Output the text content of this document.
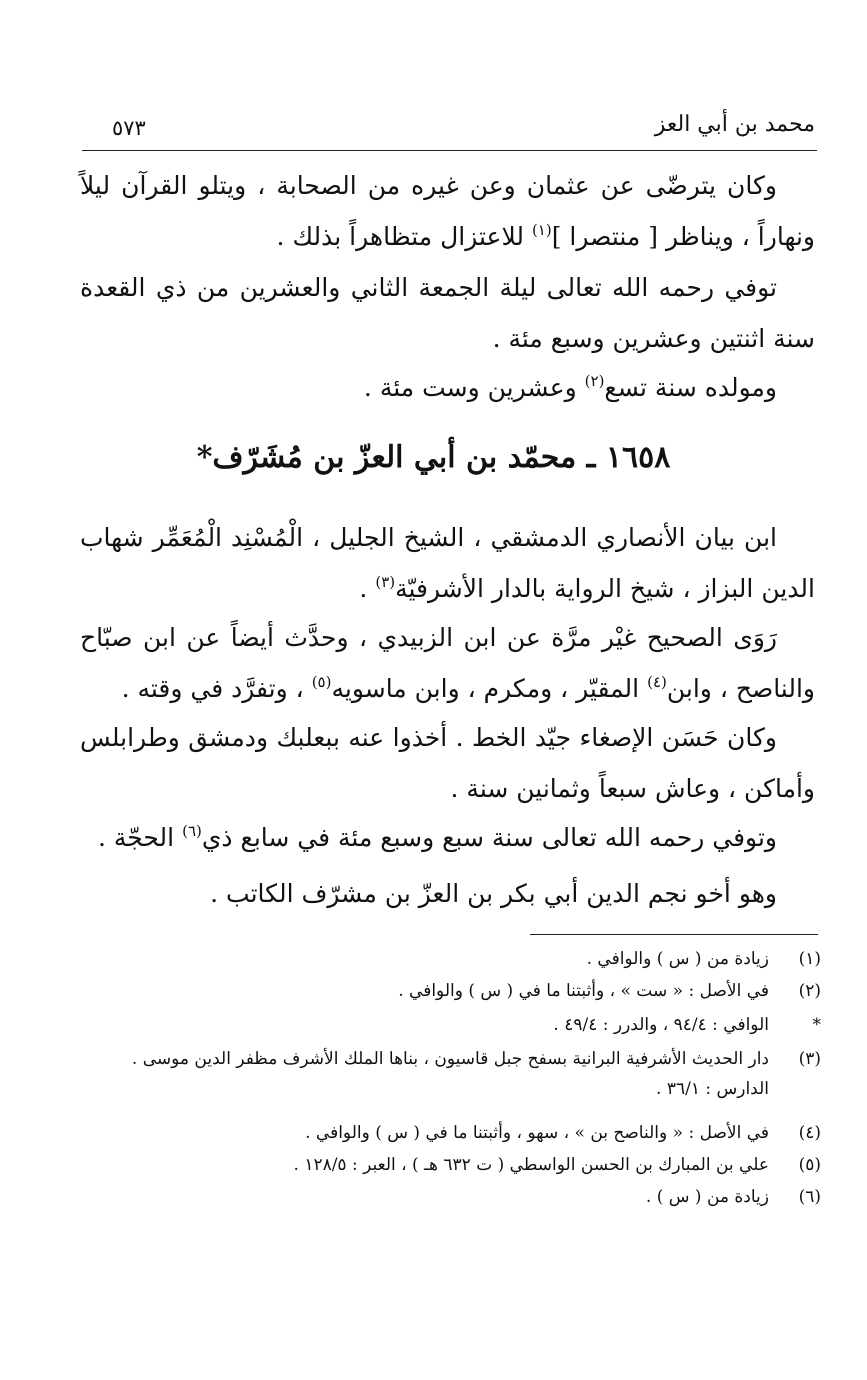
محمد بن أبي العز
٥٧٣

وكان يترضّى عن عثمان وعن غيره من الصحابة ، ويتلو القرآن ليلاً ونهاراً ، ويناظر [ منتصرا ]$^{(١)}$ للاعتزال متظاهراً بذلك .

توفي رحمه الله تعالى ليلة الجمعة الثاني والعشرين من ذي القعدة سنة اثنتين وعشرين وسبع مئة .

ومولده سنة تسع$^{(٢)}$ وعشرين وست مئة .

١٦٥٨ ـ محمّد بن أبي العزّ بن مُشَرّف*

ابن بيان الأنصاري الدمشقي ، الشيخ الجليل ، الْمُسْنِد الْمُعَمِّر شهاب الدين البزاز ، شيخ الرواية بالدار الأشرفيّة$^{(٣)}$ .

رَوَى الصحيح غيْر مرَّة عن ابن الزبيدي ، وحدَّث أيضاً عن ابن صبّاح والناصح ، وابن$^{(٤)}$ المقيّر ، ومكرم ، وابن ماسويه$^{(٥)}$ ، وتفرَّد في وقته .

وكان حَسَن الإصغاء جيّد الخط . أخذوا عنه ببعلبك ودمشق وطرابلس وأماكن ، وعاش سبعاً وثمانين سنة .

وتوفي رحمه الله تعالى سنة سبع وسبع مئة في سابع ذي$^{(٦)}$ الحجّة .

وهو أخو نجم الدين أبي بكر بن العزّ بن مشرّف الكاتب .

(١)
زيادة من ( س ) والوافي .
(٢)
في الأصل : « ست » ، وأثبتنا ما في ( س ) والوافي .
*
الوافي : ٩٤/٤ ، والدرر : ٤٩/٤ .
(٣)
دار الحديث الأشرفية البرانية بسفح جبل قاسيون ، بناها الملك الأشرف مظفر الدين موسى . الدارس : ٣٦/١ .
(٤)
في الأصل : « والناصح بن » ، سهو ، وأثبتنا ما في ( س ) والوافي .
(٥)
علي بن المبارك بن الحسن الواسطي ( ت ٦٣٢ هـ ) ، العبر : ١٢٨/٥ .
(٦)
زيادة من ( س ) .
